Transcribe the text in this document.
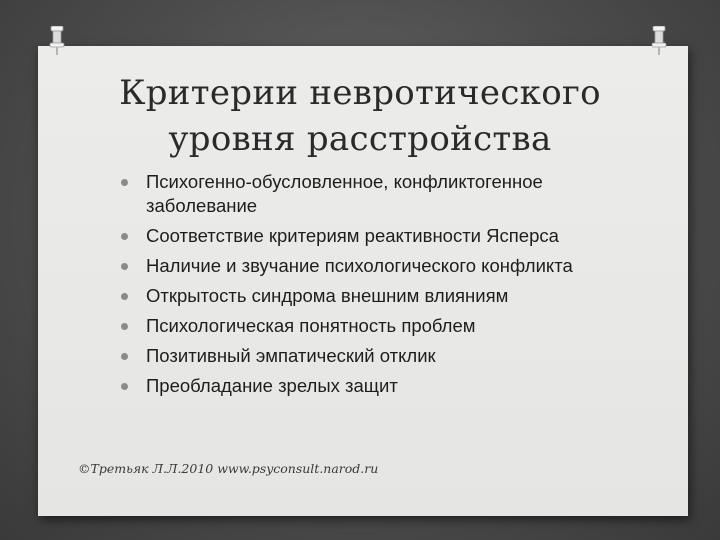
Критерии невротического
уровня расстройства
Психогенно-обусловленное, конфликтогенное заболевание
Соответствие критериям реактивности Ясперса
Наличие и звучание психологического конфликта
Открытость синдрома внешним влияниям
Психологическая понятность проблем
Позитивный эмпатический отклик
Преобладание зрелых защит
©Третьяк Л.Л.2010 www.psyconsult.narod.ru
